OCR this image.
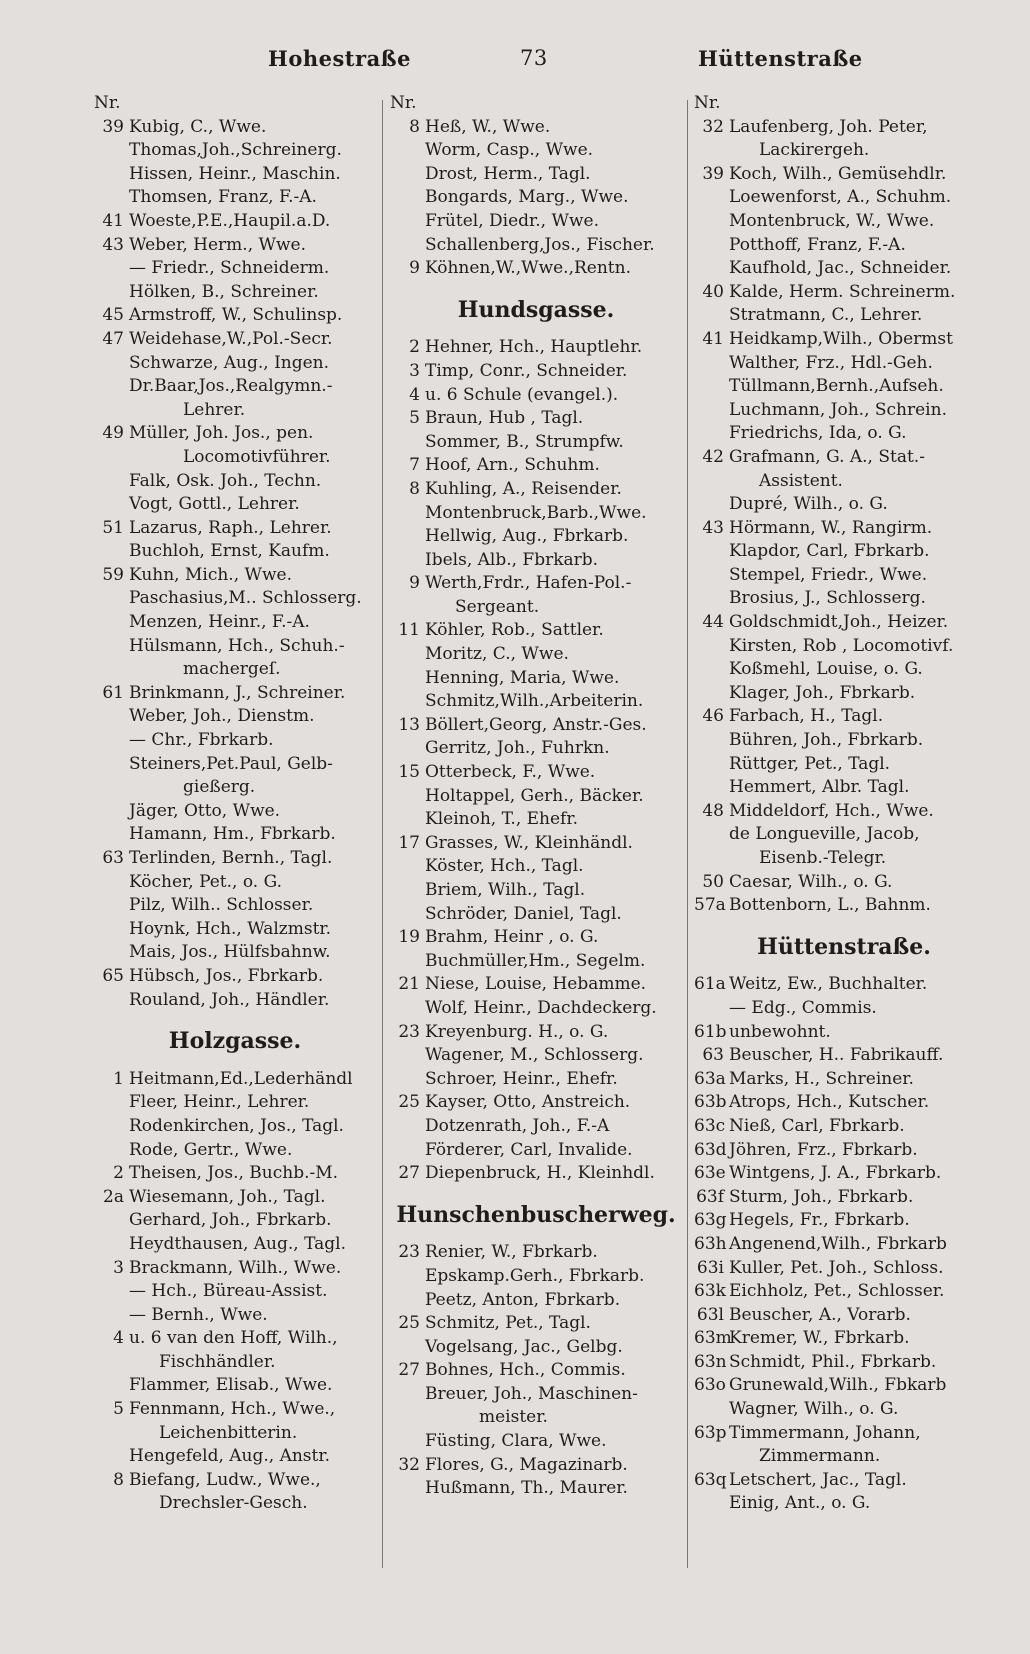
Hohestraße	73	Hüttenstraße
Nr.
39 Kubig, C., Wwe.
Thomas,Joh.,Schreinerg.
Hissen, Heinr., Maschin.
Thomsen, Franz, F.-A.
41 Woeste,P.E.,Haupil.a.D.
43 Weber, Herm., Wwe.
— Friedr., Schneiderm.
Hölken, B., Schreiner.
45 Armstroff, W., Schulinsp.
47 Weidehase,W.,Pol.-Secr.
Schwarze, Aug., Ingen.
Dr.Baar,Jos.,Realgymn.-
Lehrer.
49 Müller, Joh. Jos., pen.
Locomotivführer.
Falk, Osk. Joh., Techn.
Vogt, Gottl., Lehrer.
51 Lazarus, Raph., Lehrer.
Buchloh, Ernst, Kaufm.
59 Kuhn, Mich., Wwe.
Paschasius,M.. Schlosserg.
Menzen, Heinr., F.-A.
Hülsmann, Hch., Schuh.-
machergeſ.
61 Brinkmann, J., Schreiner.
Weber, Joh., Dienstm.
— Chr., Fbrkarb.
Steiners,Pet.Paul, Gelb-
gießerg.
Jäger, Otto, Wwe.
Hamann, Hm., Fbrkarb.
63 Terlinden, Bernh., Tagl.
Köcher, Pet., o. G.
Pilz, Wilh.. Schlosser.
Hoynk, Hch., Walzmstr.
Mais, Jos., Hülfsbahnw.
65 Hübsch, Jos., Fbrkarb.
Rouland, Joh., Händler.
Holzgasse.
1 Heitmann,Ed.,Lederhändl
Fleer, Heinr., Lehrer.
Rodenkirchen, Jos., Tagl.
Rode, Gertr., Wwe.
2 Theisen, Jos., Buchb.-M.
2a Wiesemann, Joh., Tagl.
Gerhard, Joh., Fbrkarb.
Heydthausen, Aug., Tagl.
3 Brackmann, Wilh., Wwe.
— Hch., Büreau-Assist.
— Bernh., Wwe.
4 u. 6 van den Hoff, Wilh.,
Fischhändler.
Flammer, Elisab., Wwe.
5 Fennmann, Hch., Wwe.,
Leichenbitterin.
Hengefeld, Aug., Anstr.
8 Biefang, Ludw., Wwe.,
Drechsler-Gesch.
Nr.
8 Heß, W., Wwe.
Worm, Casp., Wwe.
Drost, Herm., Tagl.
Bongards, Marg., Wwe.
Frütel, Diedr., Wwe.
Schallenberg,Jos., Fischer.
9 Köhnen,W.,Wwe.,Rentn.
Hundsgasse.
2 Hehner, Hch., Hauptlehr.
3 Timp, Conr., Schneider.
4 u. 6 Schule (evangel.).
5 Braun, Hub , Tagl.
Sommer, B., Strumpfw.
7 Hoof, Arn., Schuhm.
8 Kuhling, A., Reisender.
Montenbruck,Barb.,Wwe.
Hellwig, Aug., Fbrkarb.
Ibels, Alb., Fbrkarb.
9 Werth,Frdr., Hafen-Pol.-
Sergeant.
11 Köhler, Rob., Sattler.
Moritz, C., Wwe.
Henning, Maria, Wwe.
Schmitz,Wilh.,Arbeiterin.
13 Böllert,Georg, Anstr.-Ges.
Gerritz, Joh., Fuhrkn.
15 Otterbeck, F., Wwe.
Holtappel, Gerh., Bäcker.
Kleinoh, T., Ehefr.
17 Grasses, W., Kleinhändl.
Köster, Hch., Tagl.
Briem, Wilh., Tagl.
Schröder, Daniel, Tagl.
19 Brahm, Heinr , o. G.
Buchmüller,Hm., Segelm.
21 Niese, Louise, Hebamme.
Wolf, Heinr., Dachdeckerg.
23 Kreyenburg. H., o. G.
Wagener, M., Schlosserg.
Schroer, Heinr., Ehefr.
25 Kayser, Otto, Anstreich.
Dotzenrath, Joh., F.-A
Förderer, Carl, Invalide.
27 Diepenbruck, H., Kleinhdl.
Hunschenbuscherweg.
23 Renier, W., Fbrkarb.
Epskamp.Gerh., Fbrkarb.
Peetz, Anton, Fbrkarb.
25 Schmitz, Pet., Tagl.
Vogelsang, Jac., Gelbg.
27 Bohnes, Hch., Commis.
Breuer, Joh., Maschinen-
meister.
Füsting, Clara, Wwe.
32 Flores, G., Magazinarb.
Hußmann, Th., Maurer.
Nr.
32 Laufenberg, Joh. Peter,
Lackirergeh.
39 Koch, Wilh., Gemüsehdlr.
Loewenforst, A., Schuhm.
Montenbruck, W., Wwe.
Potthoff, Franz, F.-A.
Kaufhold, Jac., Schneider.
40 Kalde, Herm. Schreinerm.
Stratmann, C., Lehrer.
41 Heidkamp,Wilh., Obermst
Walther, Frz., Hdl.-Geh.
Tüllmann,Bernh.,Aufseh.
Luchmann, Joh., Schrein.
Friedrichs, Ida, o. G.
42 Grafmann, G. A., Stat.-
Assistent.
Dupré, Wilh., o. G.
43 Hörmann, W., Rangirm.
Klapdor, Carl, Fbrkarb.
Stempel, Friedr., Wwe.
Brosius, J., Schlosserg.
44 Goldschmidt,Joh., Heizer.
Kirsten, Rob , Locomotivf.
Koßmehl, Louise, o. G.
Klager, Joh., Fbrkarb.
46 Farbach, H., Tagl.
Bühren, Joh., Fbrkarb.
Rüttger, Pet., Tagl.
Hemmert, Albr. Tagl.
48 Middeldorf, Hch., Wwe.
de Longueville, Jacob,
Eisenb.-Telegr.
50 Caesar, Wilh., o. G.
57a Bottenborn, L., Bahnm.
Hüttenstraße.
61a Weitz, Ew., Buchhalter.
— Edg., Commis.
61b unbewohnt.
63 Beuscher, H.. Fabrikauff.
63a Marks, H., Schreiner.
63b Atrops, Hch., Kutscher.
63c Nieß, Carl, Fbrkarb.
63d Jöhren, Frz., Fbrkarb.
63e Wintgens, J. A., Fbrkarb.
63f Sturm, Joh., Fbrkarb.
63g Hegels, Fr., Fbrkarb.
63h Angenend,Wilh., Fbrkarb
63i Kuller, Pet. Joh., Schloss.
63k Eichholz, Pet., Schlosser.
63l Beuscher, A., Vorarb.
63m
Kremer, W., Fbrkarb.
63n Schmidt, Phil., Fbrkarb.
63o Grunewald,Wilh., Fbkarb
Wagner, Wilh., o. G.
63p Timmermann, Johann,
Zimmermann.
63q Letschert, Jac., Tagl.
Einig, Ant., o. G.
